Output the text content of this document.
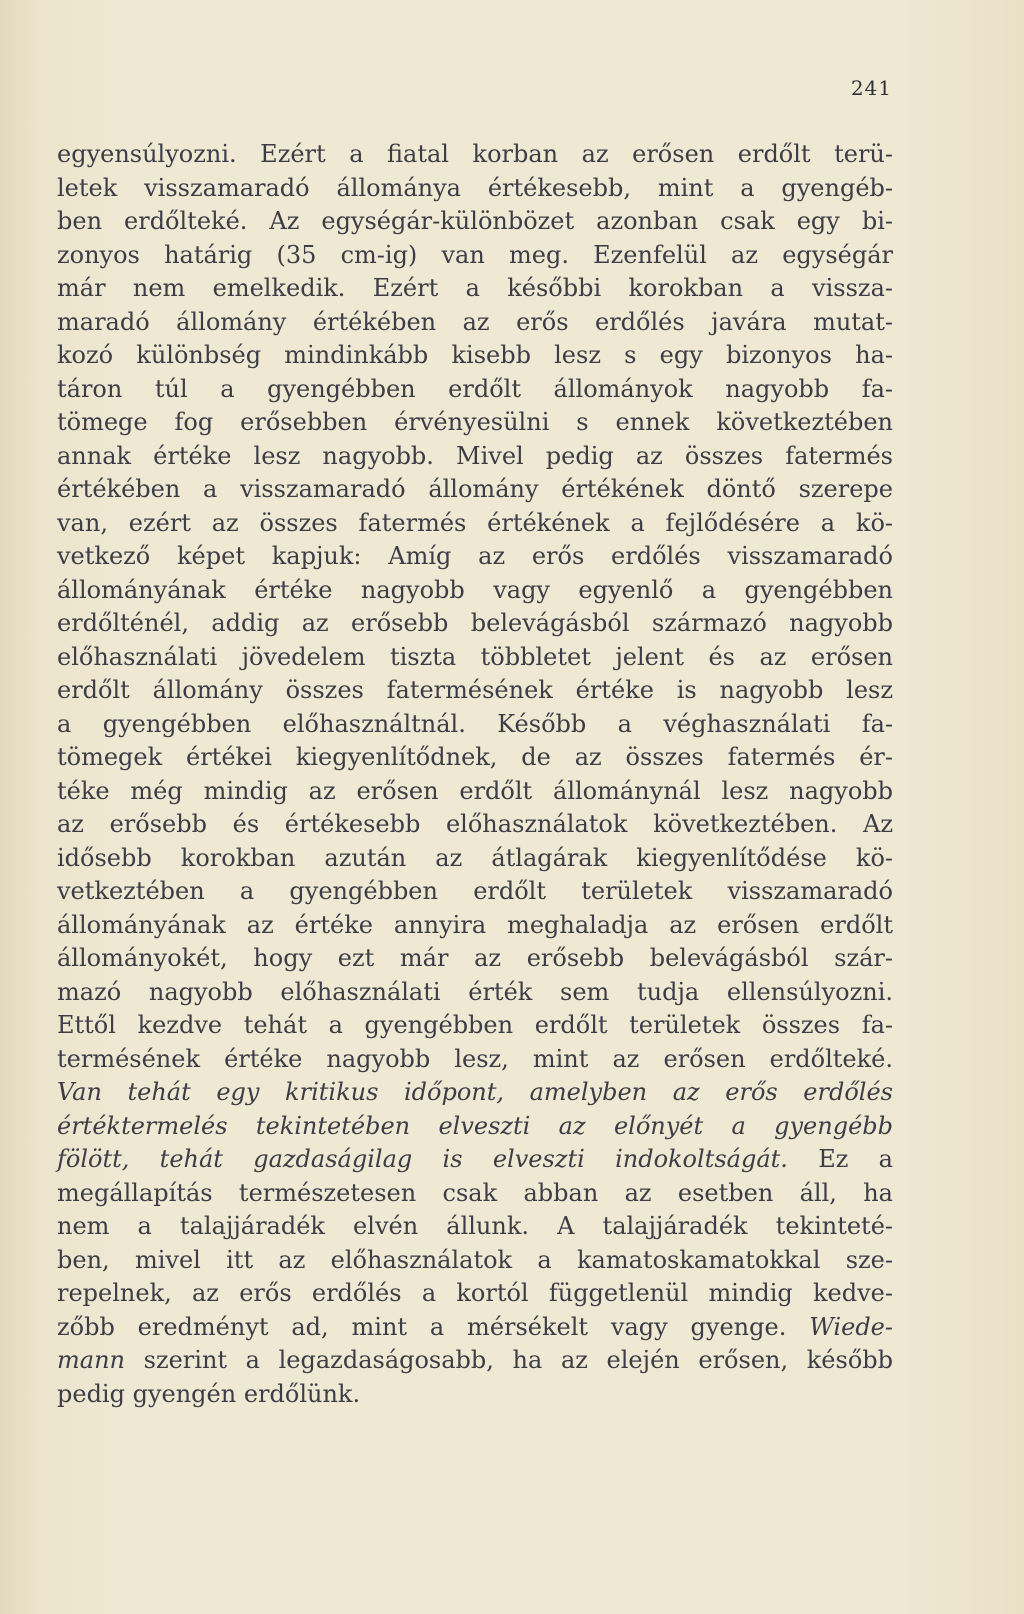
241
egyensúlyozni. Ezért a fiatal korban az erősen erdőlt terü-
letek visszamaradó állománya értékesebb, mint a gyengéb-
ben erdőlteké. Az egységár-különbözet azonban csak egy bi-
zonyos határig (35 cm-ig) van meg. Ezenfelül az egységár
már nem emelkedik. Ezért a későbbi korokban a vissza-
maradó állomány értékében az erős erdőlés javára mutat-
kozó különbség mindinkább kisebb lesz s egy bizonyos ha-
táron túl a gyengébben erdőlt állományok nagyobb fa-
tömege fog erősebben érvényesülni s ennek következtében
annak értéke lesz nagyobb. Mivel pedig az összes fatermés
értékében a visszamaradó állomány értékének döntő szerepe
van, ezért az összes fatermés értékének a fejlődésére a kö-
vetkező képet kapjuk: Amíg az erős erdőlés visszamaradó
állományának értéke nagyobb vagy egyenlő a gyengébben
erdőlténél, addig az erősebb belevágásból származó nagyobb
előhasználati jövedelem tiszta többletet jelent és az erősen
erdőlt állomány összes fatermésének értéke is nagyobb lesz
a gyengébben előhasználtnál. Később a véghasználati fa-
tömegek értékei kiegyenlítődnek, de az összes fatermés ér-
téke még mindig az erősen erdőlt állománynál lesz nagyobb
az erősebb és értékesebb előhasználatok következtében. Az
idősebb korokban azután az átlagárak kiegyenlítődése kö-
vetkeztében a gyengébben erdőlt területek visszamaradó
állományának az értéke annyira meghaladja az erősen erdőlt
állományokét, hogy ezt már az erősebb belevágásból szár-
mazó nagyobb előhasználati érték sem tudja ellensúlyozni.
Ettől kezdve tehát a gyengébben erdőlt területek összes fa-
termésének értéke nagyobb lesz, mint az erősen erdőlteké.
Van tehát egy kritikus időpont, amelyben az erős erdőlés
értéktermelés tekintetében elveszti az előnyét a gyengébb
fölött, tehát gazdaságilag is elveszti indokoltságát. Ez a
megállapítás természetesen csak abban az esetben áll, ha
nem a talajjáradék elvén állunk. A talajjáradék tekinteté-
ben, mivel itt az előhasználatok a kamatoskamatokkal sze-
repelnek, az erős erdőlés a kortól függetlenül mindig kedve-
zőbb eredményt ad, mint a mérsékelt vagy gyenge. Wiede-
mann szerint a legazdaságosabb, ha az elején erősen, később
pedig gyengén erdőlünk.
